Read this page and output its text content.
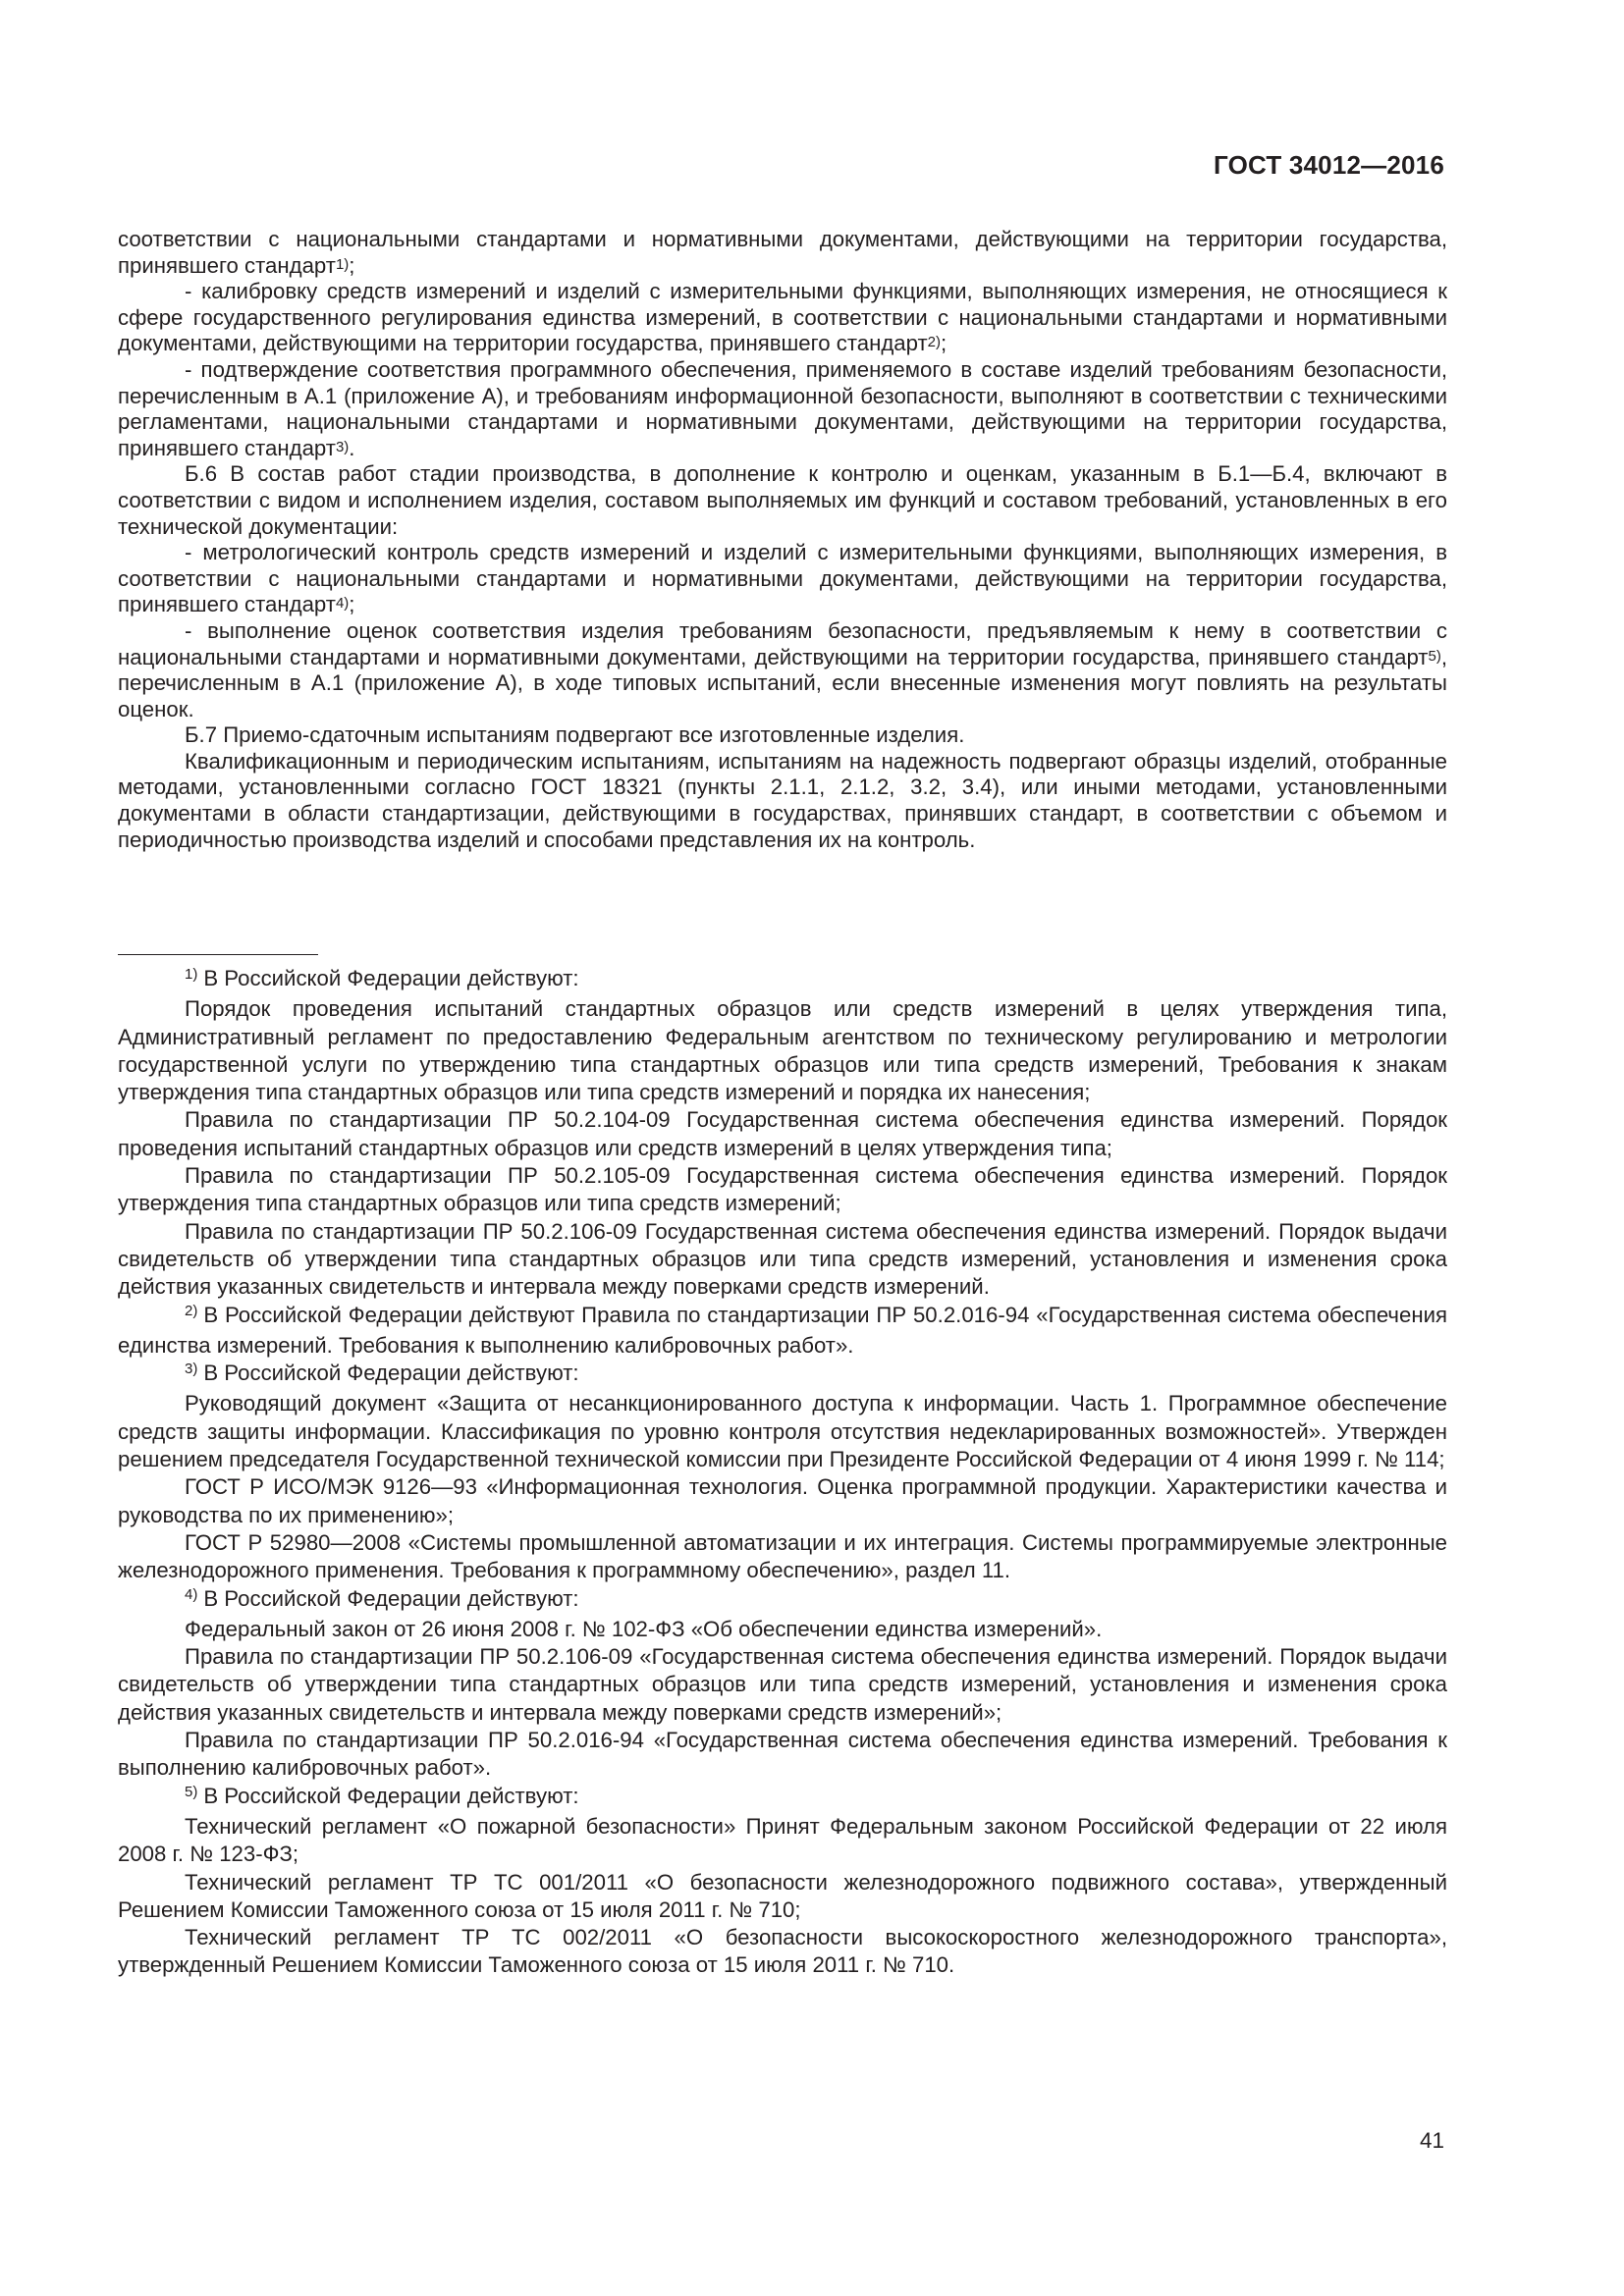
ГОСТ 34012—2016

соответствии с национальными стандартами и нормативными документами, действующими на территории государства, принявшего стандарт$^{1)}$;

- калибровку средств измерений и изделий с измерительными функциями, выполняющих измерения, не относящиеся к сфере государственного регулирования единства измерений, в соответствии с национальными стандартами и нормативными документами, действующими на территории государства, принявшего стандарт$^{2)}$;

- подтверждение соответствия программного обеспечения, применяемого в составе изделий требованиям безопасности, перечисленным в А.1 (приложение А), и требованиям информационной безопасности, выполняют в соответствии с техническими регламентами, национальными стандартами и нормативными документами, действующими на территории государства, принявшего стандарт$^{3)}$.

Б.6 В состав работ стадии производства, в дополнение к контролю и оценкам, указанным в Б.1—Б.4, включают в соответствии с видом и исполнением изделия, составом выполняемых им функций и составом требований, установленных в его технической документации:

- метрологический контроль средств измерений и изделий с измерительными функциями, выполняющих измерения, в соответствии с национальными стандартами и нормативными документами, действующими на территории государства, принявшего стандарт$^{4)}$;

- выполнение оценок соответствия изделия требованиям безопасности, предъявляемым к нему в соответствии с национальными стандартами и нормативными документами, действующими на территории государства, принявшего стандарт$^{5)}$, перечисленным в А.1 (приложение А), в ходе типовых испытаний, если внесенные изменения могут повлиять на результаты оценок.

Б.7 Приемо-сдаточным испытаниям подвергают все изготовленные изделия.

Квалификационным и периодическим испытаниям, испытаниям на надежность подвергают образцы изделий, отобранные методами, установленными согласно ГОСТ 18321 (пункты 2.1.1, 2.1.2, 3.2, 3.4), или иными методами, установленными документами в области стандартизации, действующими в государствах, принявших стандарт, в соответствии с объемом и периодичностью производства изделий и способами представления их на контроль.

$^{1)}$ В Российской Федерации действуют:

Порядок проведения испытаний стандартных образцов или средств измерений в целях утверждения типа, Административный регламент по предоставлению Федеральным агентством по техническому регулированию и метрологии государственной услуги по утверждению типа стандартных образцов или типа средств измерений, Требования к знакам утверждения типа стандартных образцов или типа средств измерений и порядка их нанесения;

Правила по стандартизации ПР 50.2.104-09 Государственная система обеспечения единства измерений. Порядок проведения испытаний стандартных образцов или средств измерений в целях утверждения типа;

Правила по стандартизации ПР 50.2.105-09 Государственная система обеспечения единства измерений. Порядок утверждения типа стандартных образцов или типа средств измерений;

Правила по стандартизации ПР 50.2.106-09 Государственная система обеспечения единства измерений. Порядок выдачи свидетельств об утверждении типа стандартных образцов или типа средств измерений, установления и изменения срока действия указанных свидетельств и интервала между поверками средств измерений.

$^{2)}$ В Российской Федерации действуют Правила по стандартизации ПР 50.2.016-94 «Государственная система обеспечения единства измерений. Требования к выполнению калибровочных работ».

$^{3)}$ В Российской Федерации действуют:

Руководящий документ «Защита от несанкционированного доступа к информации. Часть 1. Программное обеспечение средств защиты информации. Классификация по уровню контроля отсутствия недекларированных возможностей». Утвержден решением председателя Государственной технической комиссии при Президенте Российской Федерации от 4 июня 1999 г. № 114;

ГОСТ Р ИСО/МЭК 9126—93 «Информационная технология. Оценка программной продукции. Характеристики качества и руководства по их применению»;

ГОСТ Р 52980—2008 «Системы промышленной автоматизации и их интеграция. Системы программируемые электронные железнодорожного применения. Требования к программному обеспечению», раздел 11.

$^{4)}$ В Российской Федерации действуют:

Федеральный закон от 26 июня 2008 г. № 102-ФЗ «Об обеспечении единства измерений».

Правила по стандартизации ПР 50.2.106-09 «Государственная система обеспечения единства измерений. Порядок выдачи свидетельств об утверждении типа стандартных образцов или типа средств измерений, установления и изменения срока действия указанных свидетельств и интервала между поверками средств измерений»;

Правила по стандартизации ПР 50.2.016-94 «Государственная система обеспечения единства измерений. Требования к выполнению калибровочных работ».

$^{5)}$ В Российской Федерации действуют:

Технический регламент «О пожарной безопасности» Принят Федеральным законом Российской Федерации от 22 июля 2008 г. № 123-ФЗ;

Технический регламент ТР ТС 001/2011 «О безопасности железнодорожного подвижного состава», утвержденный Решением Комиссии Таможенного союза от 15 июля 2011 г. № 710;

Технический регламент ТР ТС 002/2011 «О безопасности высокоскоростного железнодорожного транспорта», утвержденный Решением Комиссии Таможенного союза от 15 июля 2011 г. № 710.

41
